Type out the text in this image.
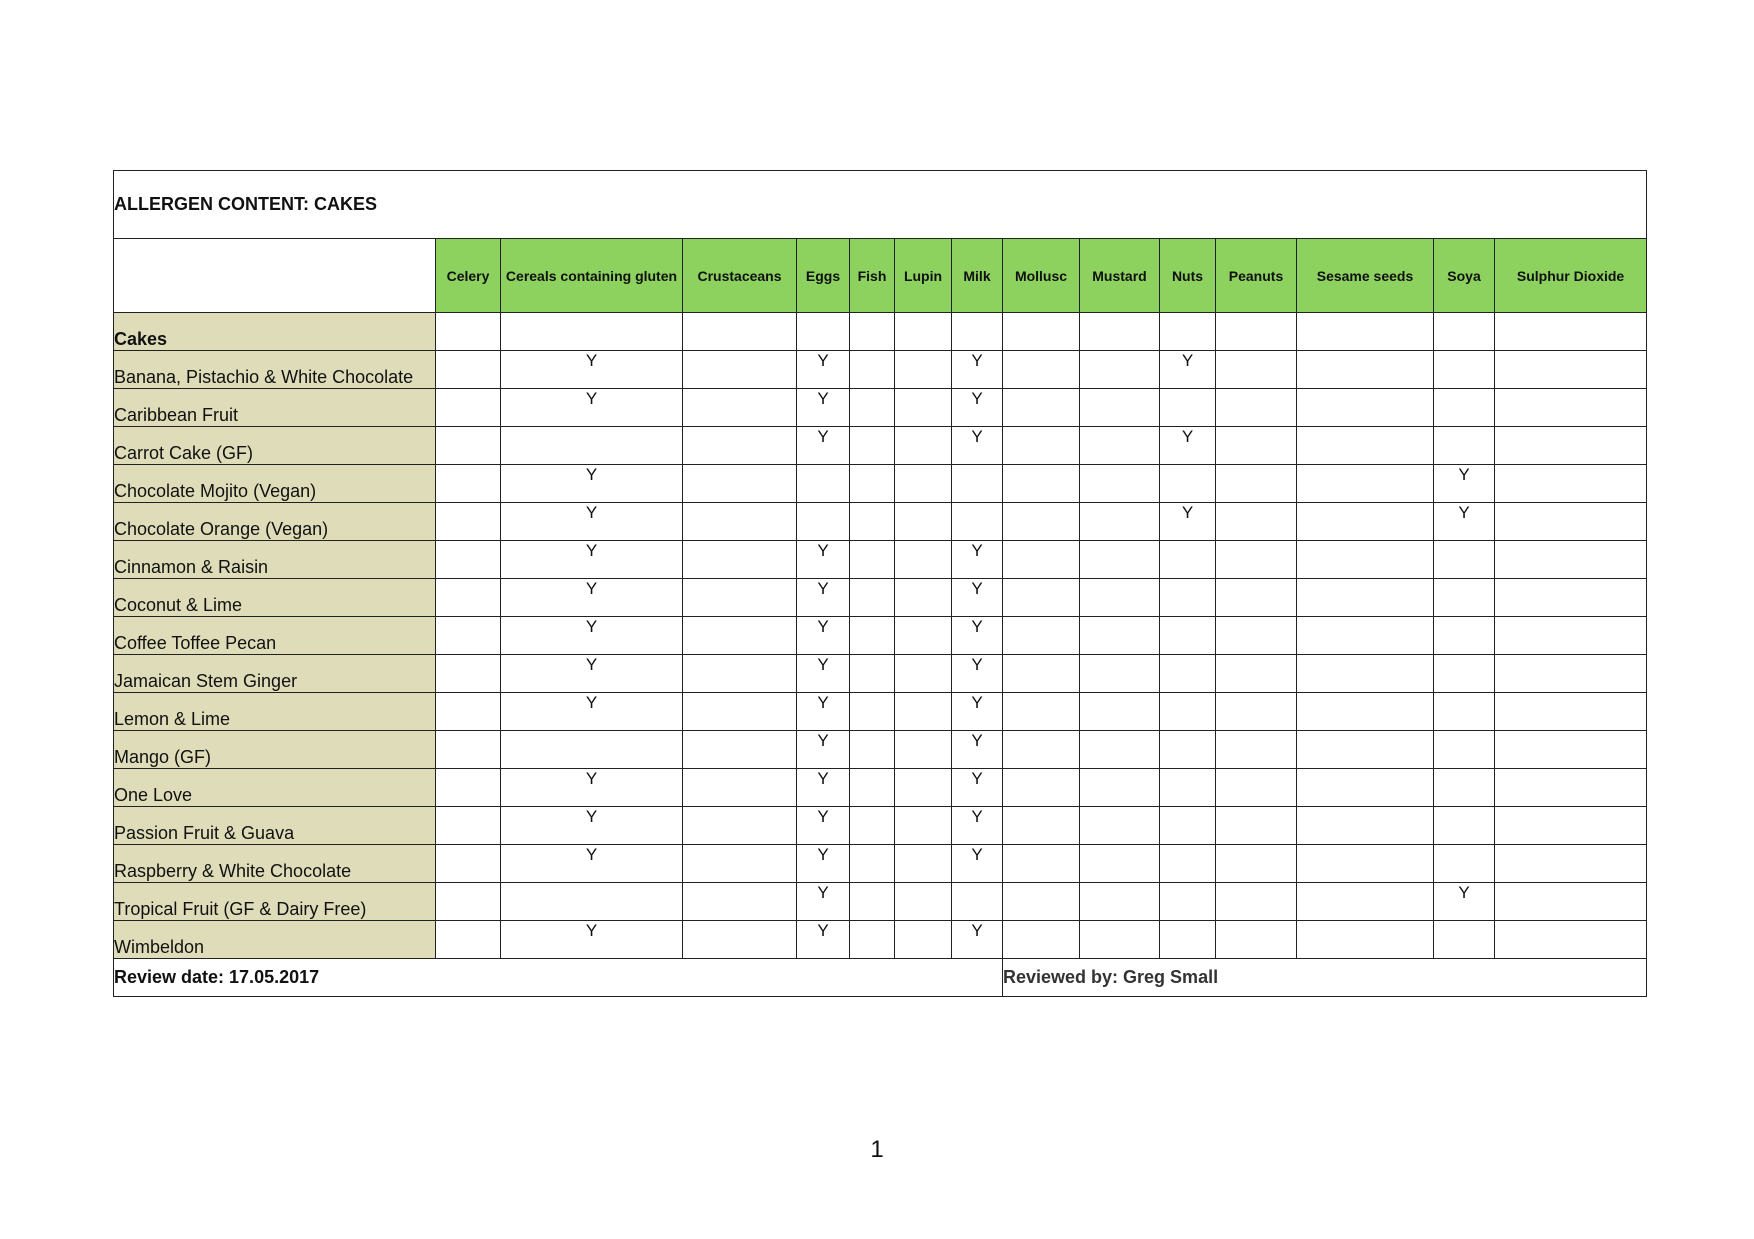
ALLERGEN CONTENT: CAKES														
	Celery	Cereals containing gluten	Crustaceans	Eggs	Fish	Lupin	Milk	Mollusc	Mustard	Nuts	Peanuts	Sesame seeds	Soya	Sulphur Dioxide
Cakes														
Banana, Pistachio & White Chocolate		Y		Y			Y			Y				
Caribbean Fruit		Y		Y			Y							
Carrot Cake (GF)				Y			Y			Y				
Chocolate Mojito (Vegan)		Y											Y	
Chocolate Orange (Vegan)		Y								Y			Y	
Cinnamon & Raisin		Y		Y			Y							
Coconut & Lime		Y		Y			Y							
Coffee Toffee Pecan		Y		Y			Y							
Jamaican Stem Ginger		Y		Y			Y							
Lemon & Lime		Y		Y			Y							
Mango (GF)				Y			Y							
One Love		Y		Y			Y							
Passion Fruit & Guava		Y		Y			Y							
Raspberry & White Chocolate		Y		Y			Y							
Tropical Fruit (GF & Dairy Free)				Y									Y	
Wimbeldon		Y		Y			Y							
Review date: 17.05.2017								Reviewed by: Greg Small						
1
